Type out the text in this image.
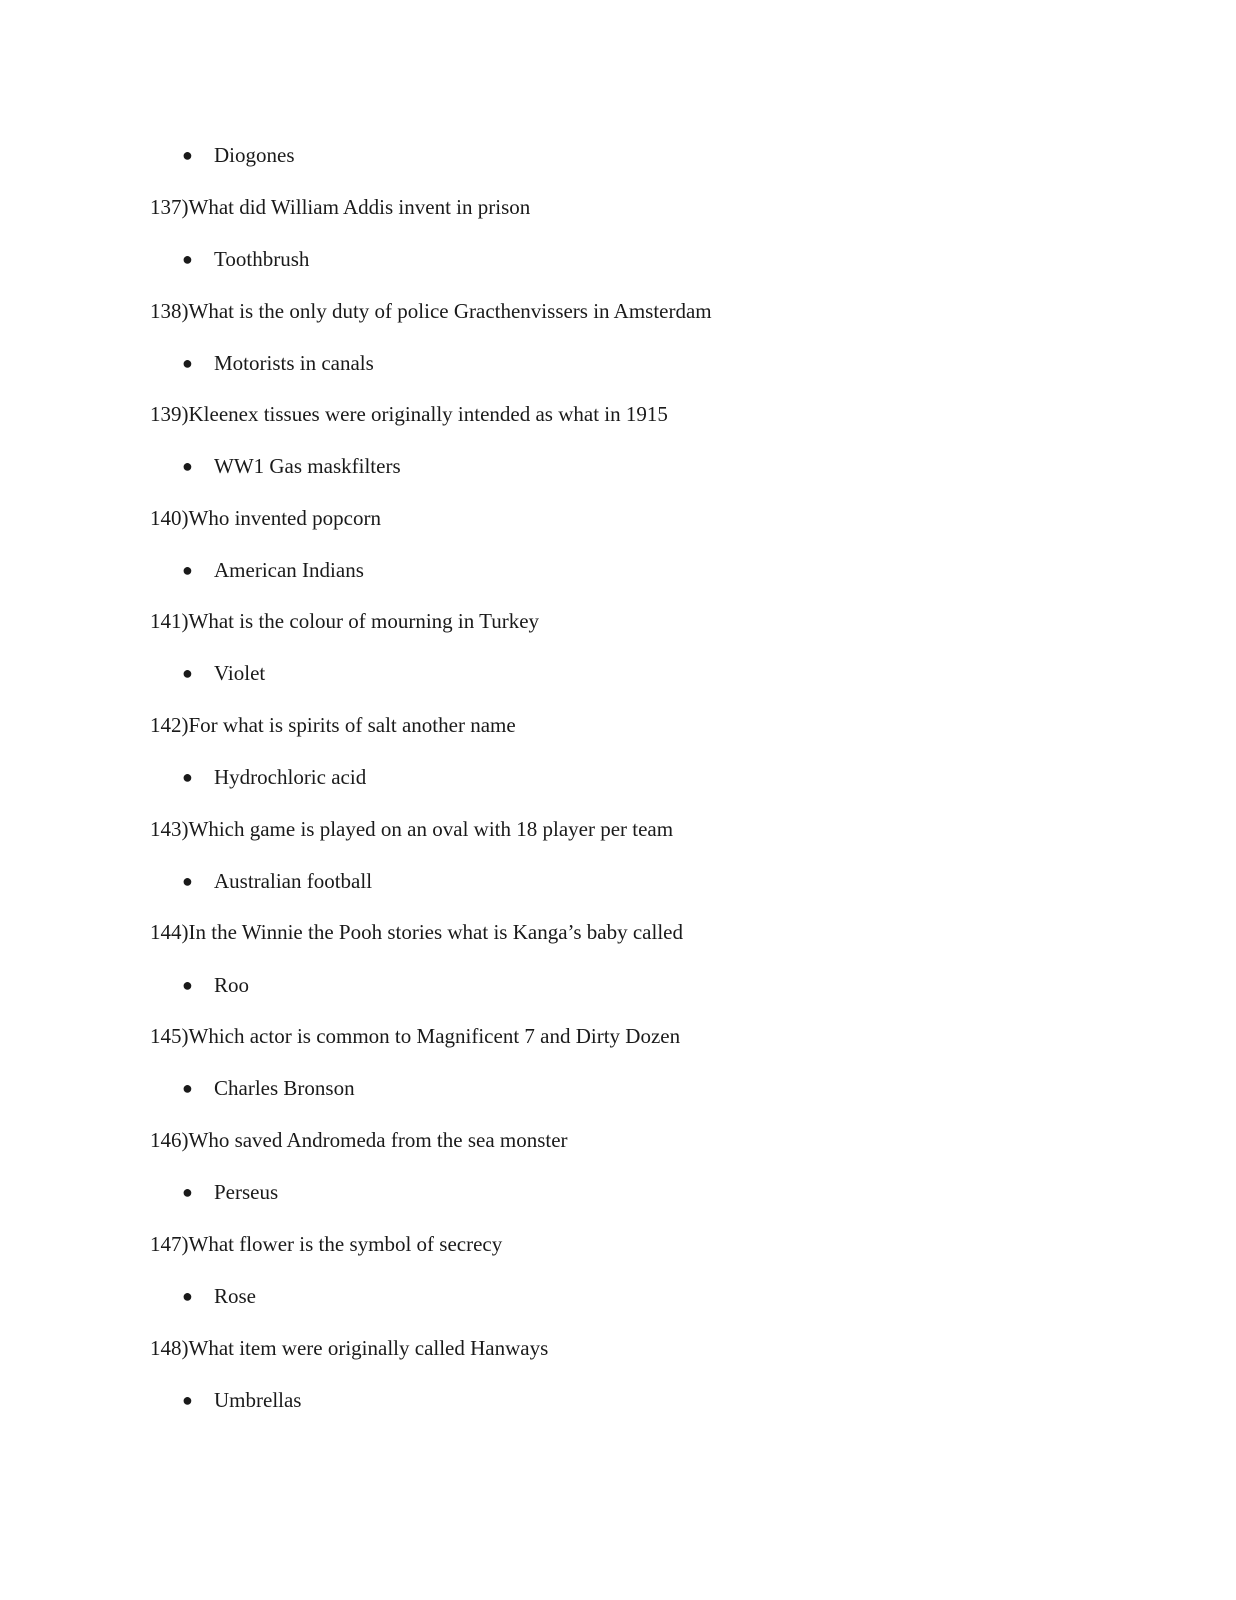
● Diogones
137)What did William Addis invent in prison
● Toothbrush
138)What is the only duty of police Gracthenvissers in Amsterdam
● Motorists in canals
139)Kleenex tissues were originally intended as what in 1915
● WW1 Gas maskfilters
140)Who invented popcorn
● American Indians
141)What is the colour of mourning in Turkey
● Violet
142)For what is spirits of salt another name
● Hydrochloric acid
143)Which game is played on an oval with 18 player per team
● Australian football
144)In the Winnie the Pooh stories what is Kanga’s baby called
● Roo
145)Which actor is common to Magnificent 7 and Dirty Dozen
● Charles Bronson
146)Who saved Andromeda from the sea monster
● Perseus
147)What flower is the symbol of secrecy
● Rose
148)What item were originally called Hanways
● Umbrellas
